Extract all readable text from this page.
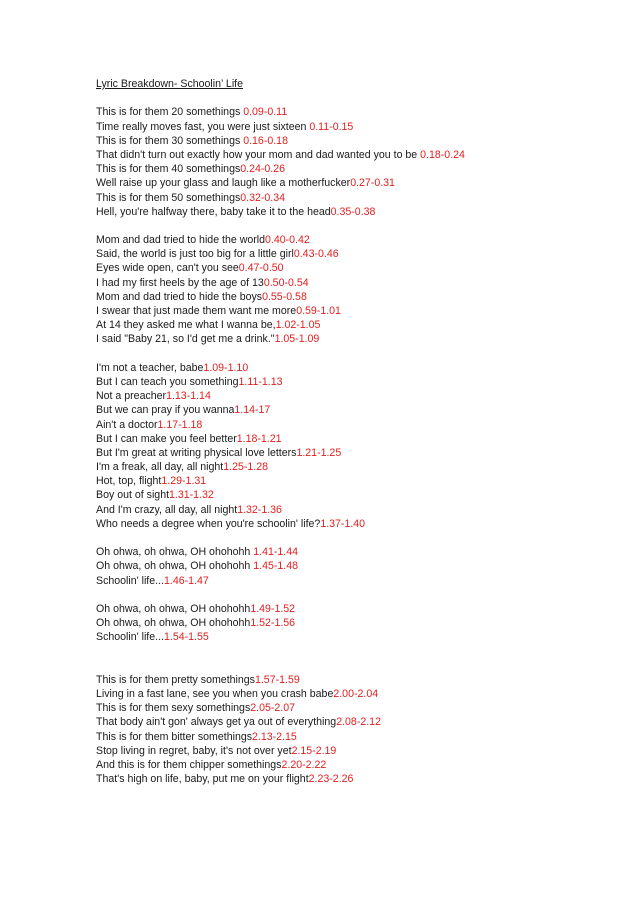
Lyric Breakdown- Schoolin’ Life
This is for them 20 somethings 0.09-0.11
Time really moves fast, you were just sixteen 0.11-0.15
This is for them 30 somethings 0.16-0.18
That didn't turn out exactly how your mom and dad wanted you to be 0.18-0.24
This is for them 40 somethings0.24-0.26
Well raise up your glass and laugh like a motherfucker0.27-0.31
This is for them 50 somethings0.32-0.34
Hell, you're halfway there, baby take it to the head0.35-0.38
Mom and dad tried to hide the world0.40-0.42
Said, the world is just too big for a little girl0.43-0.46
Eyes wide open, can't you see0.47-0.50
I had my first heels by the age of 130.50-0.54
Mom and dad tried to hide the boys0.55-0.58
I swear that just made them want me more0.59-1.01
At 14 they asked me what I wanna be,1.02-1.05
I said "Baby 21, so I'd get me a drink."1.05-1.09
I'm not a teacher, babe1.09-1.10
But I can teach you something1.11-1.13
Not a preacher1.13-1.14
But we can pray if you wanna1.14-17
Ain't a doctor1.17-1.18
But I can make you feel better1.18-1.21
But I'm great at writing physical love letters1.21-1.25
I'm a freak, all day, all night1.25-1.28
Hot, top, flight1.29-1.31
Boy out of sight1.31-1.32
And I'm crazy, all day, all night1.32-1.36
Who needs a degree when you're schoolin' life?1.37-1.40
Oh ohwa, oh ohwa, OH ohohohh 1.41-1.44
Oh ohwa, oh ohwa, OH ohohohh 1.45-1.48
Schoolin' life...1.46-1.47
Oh ohwa, oh ohwa, OH ohohohh1.49-1.52
Oh ohwa, oh ohwa, OH ohohohh1.52-1.56
Schoolin' life...1.54-1.55
This is for them pretty somethings1.57-1.59
Living in a fast lane, see you when you crash babe2.00-2.04
This is for them sexy somethings2.05-2.07
That body ain't gon' always get ya out of everything2.08-2.12
This is for them bitter somethings2.13-2.15
Stop living in regret, baby, it's not over yet2.15-2.19
And this is for them chipper somethings2.20-2.22
That's high on life, baby, put me on your flight2.23-2.26
